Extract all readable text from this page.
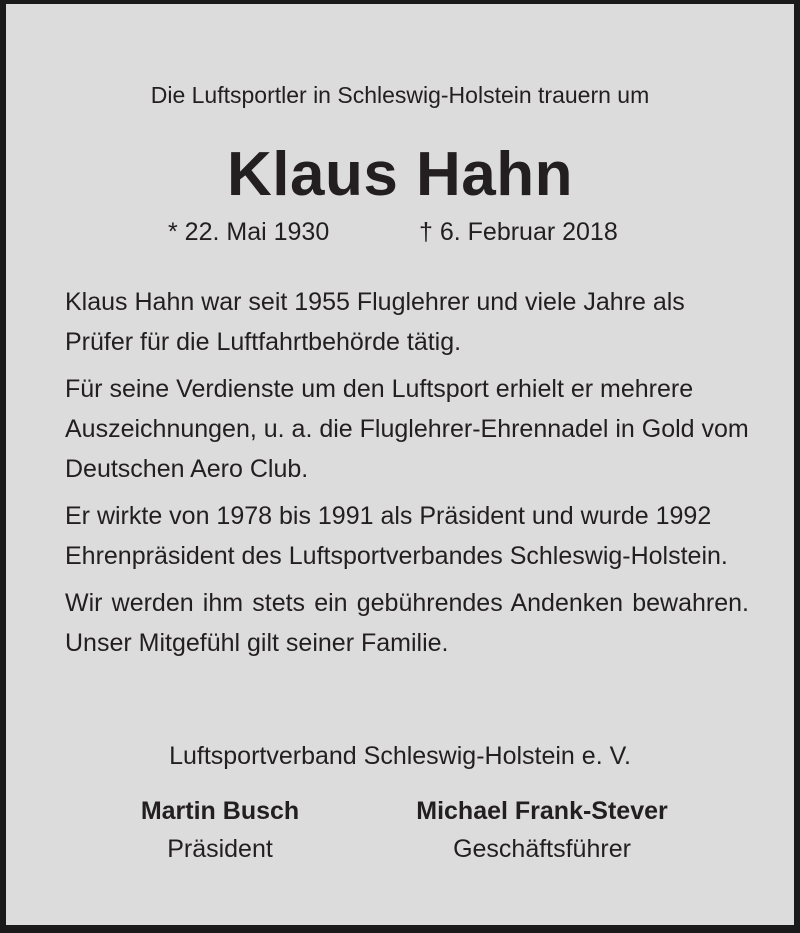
Die Luftsportler in Schleswig-Holstein trauern um
Klaus Hahn
* 22. Mai 1930	† 6. Februar 2018

Klaus Hahn war seit 1955 Fluglehrer und viele Jahre als Prüfer für die Luftfahrtbehörde tätig.

Für seine Verdienste um den Luftsport erhielt er mehrere Auszeichnungen, u. a. die Fluglehrer-Ehrennadel in Gold vom Deutschen Aero Club.

Er wirkte von 1978 bis 1991 als Präsident und wurde 1992 Ehrenpräsident des Luftsportverbandes Schleswig-Holstein.

Wir werden ihm stets ein gebührendes Andenken bewahren. Unser Mitgefühl gilt seiner Familie.

Luftsportverband Schleswig-Holstein e. V.
Martin Busch
Präsident
Michael Frank-Stever
Geschäftsführer
